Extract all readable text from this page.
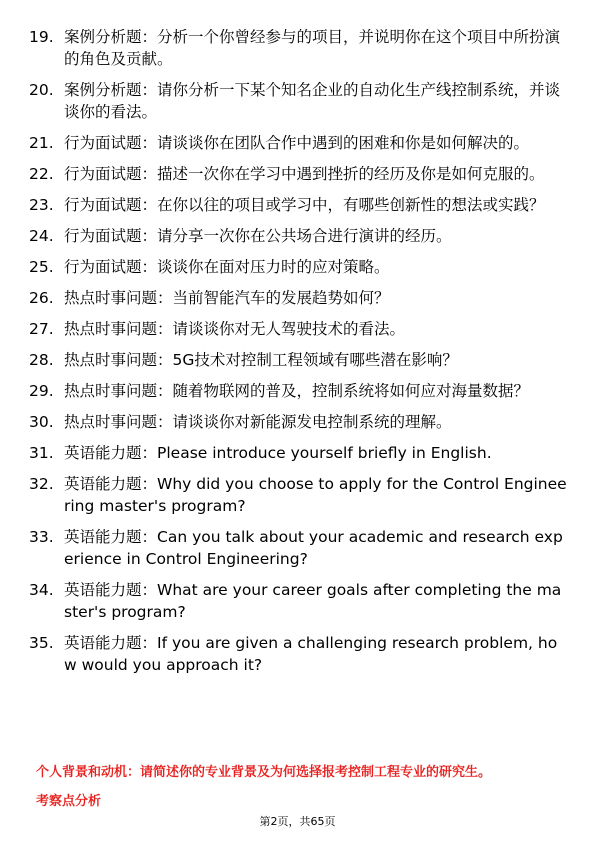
19. 案例分析题：分析一个你曾经参与的项目，并说明你在这个项目中所扮演的角色及贡献。
20. 案例分析题：请你分析一下某个知名企业的自动化生产线控制系统，并谈谈你的看法。
21. 行为面试题：请谈谈你在团队合作中遇到的困难和你是如何解决的。
22. 行为面试题：描述一次你在学习中遇到挫折的经历及你是如何克服的。
23. 行为面试题：在你以往的项目或学习中，有哪些创新性的想法或实践？
24. 行为面试题：请分享一次你在公共场合进行演讲的经历。
25. 行为面试题：谈谈你在面对压力时的应对策略。
26. 热点时事问题：当前智能汽车的发展趋势如何？
27. 热点时事问题：请谈谈你对无人驾驶技术的看法。
28. 热点时事问题：5G技术对控制工程领域有哪些潜在影响？
29. 热点时事问题：随着物联网的普及，控制系统将如何应对海量数据？
30. 热点时事问题：请谈谈你对新能源发电控制系统的理解。
31. 英语能力题：Please introduce yourself briefly in English.
32. 英语能力题：Why did you choose to apply for the Control Engineering master's program?
33. 英语能力题：Can you talk about your academic and research experience in Control Engineering?
34. 英语能力题：What are your career goals after completing the master's program?
35. 英语能力题：If you are given a challenging research problem, how would you approach it?
个人背景和动机：请简述你的专业背景及为何选择报考控制工程专业的研究生。
考察点分析
第2页，共65页
